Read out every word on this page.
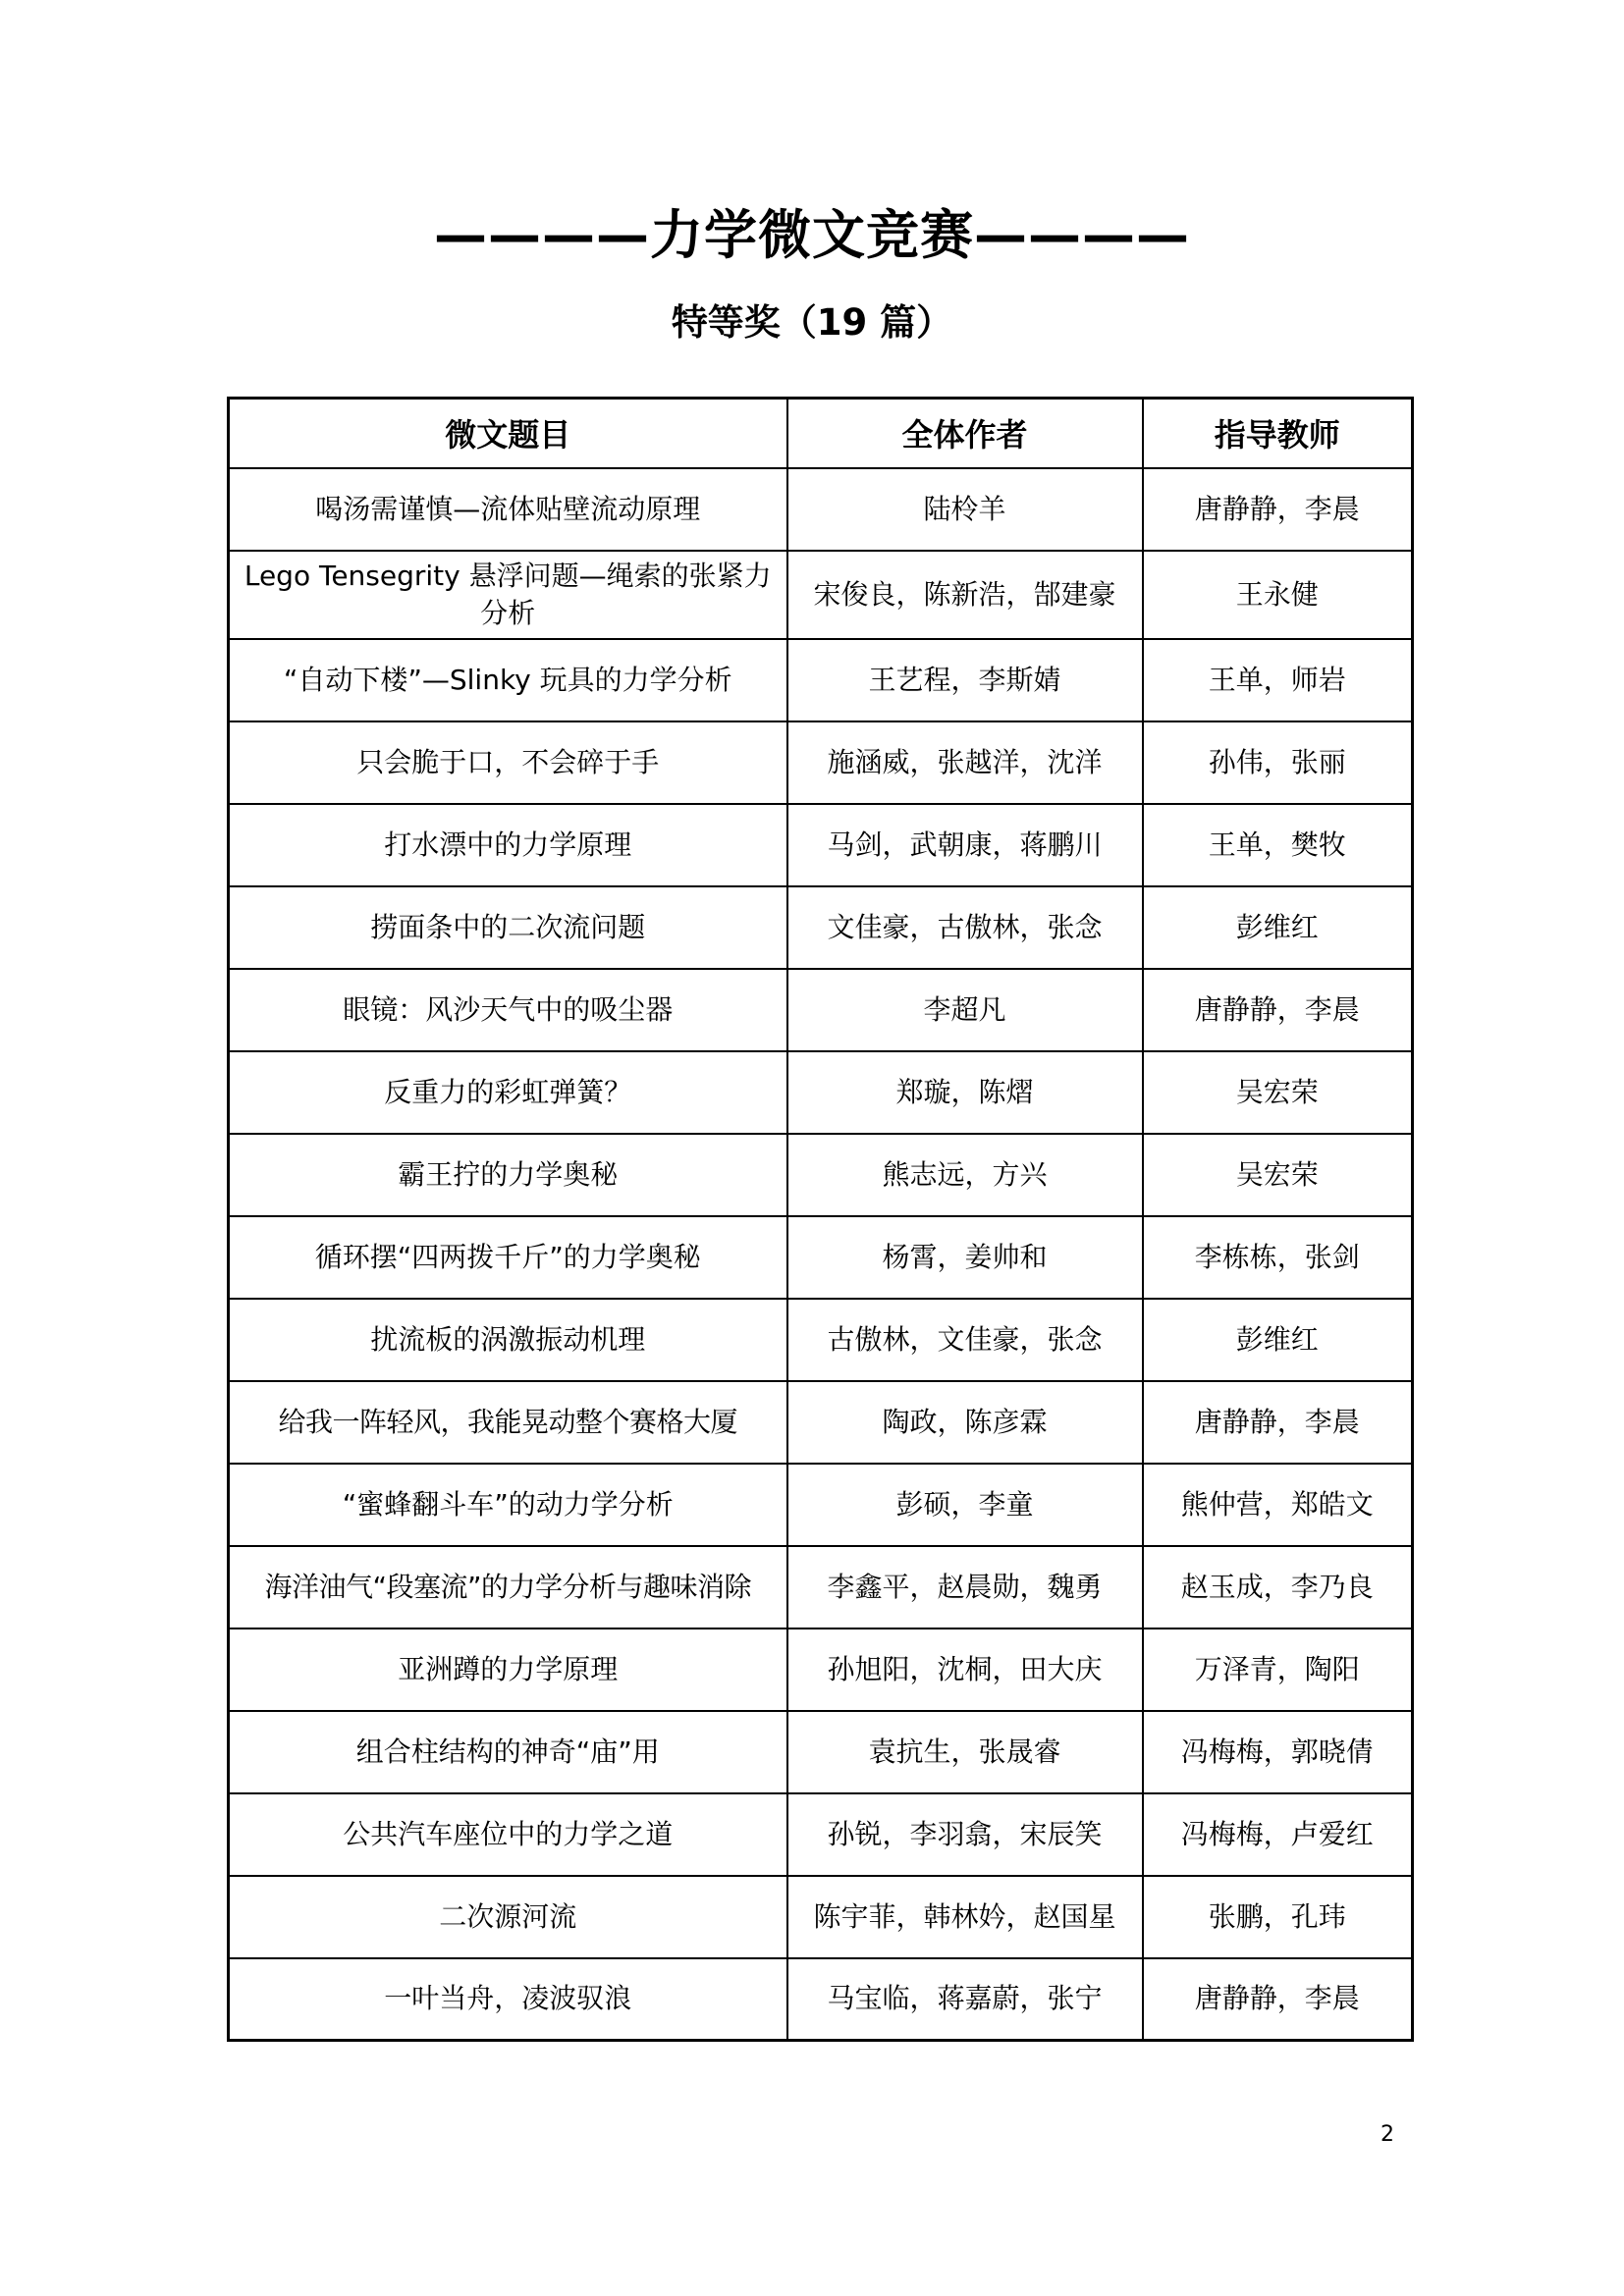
————力学微文竞赛————
特等奖（19 篇）
微文题目	全体作者	指导教师
喝汤需谨慎—流体贴壁流动原理	陆柃羊	唐静静，李晨
Lego Tensegrity 悬浮问题—绳索的张紧力分析	宋俊良，陈新浩，郜建豪	王永健
“自动下楼”—Slinky 玩具的力学分析	王艺程，李斯婧	王单，师岩
只会脆于口，不会碎于手	施涵威，张越洋，沈洋	孙伟，张丽
打水漂中的力学原理	马剑，武朝康，蒋鹏川	王单，樊牧
捞面条中的二次流问题	文佳豪，古傲林，张念	彭维红
眼镜：风沙天气中的吸尘器	李超凡	唐静静，李晨
反重力的彩虹弹簧？	郑璇，陈熠	吴宏荣
霸王拧的力学奥秘	熊志远，方兴	吴宏荣
循环摆“四两拨千斤”的力学奥秘	杨霄，姜帅和	李栋栋，张剑
扰流板的涡激振动机理	古傲林，文佳豪，张念	彭维红
给我一阵轻风，我能晃动整个赛格大厦	陶政，陈彦霖	唐静静，李晨
“蜜蜂翻斗车”的动力学分析	彭硕，李童	熊仲营，郑皓文
海洋油气“段塞流”的力学分析与趣味消除	李鑫平，赵晨勋，魏勇	赵玉成，李乃良
亚洲蹲的力学原理	孙旭阳，沈桐，田大庆	万泽青，陶阳
组合柱结构的神奇“庙”用	袁抗生，张晟睿	冯梅梅，郭晓倩
公共汽车座位中的力学之道	孙锐，李羽翕，宋辰笑	冯梅梅，卢爱红
二次源河流	陈宇菲，韩林妗，赵国星	张鹏，孔玮
一叶当舟，凌波驭浪	马宝临，蒋嘉蔚，张宁	唐静静，李晨
2
